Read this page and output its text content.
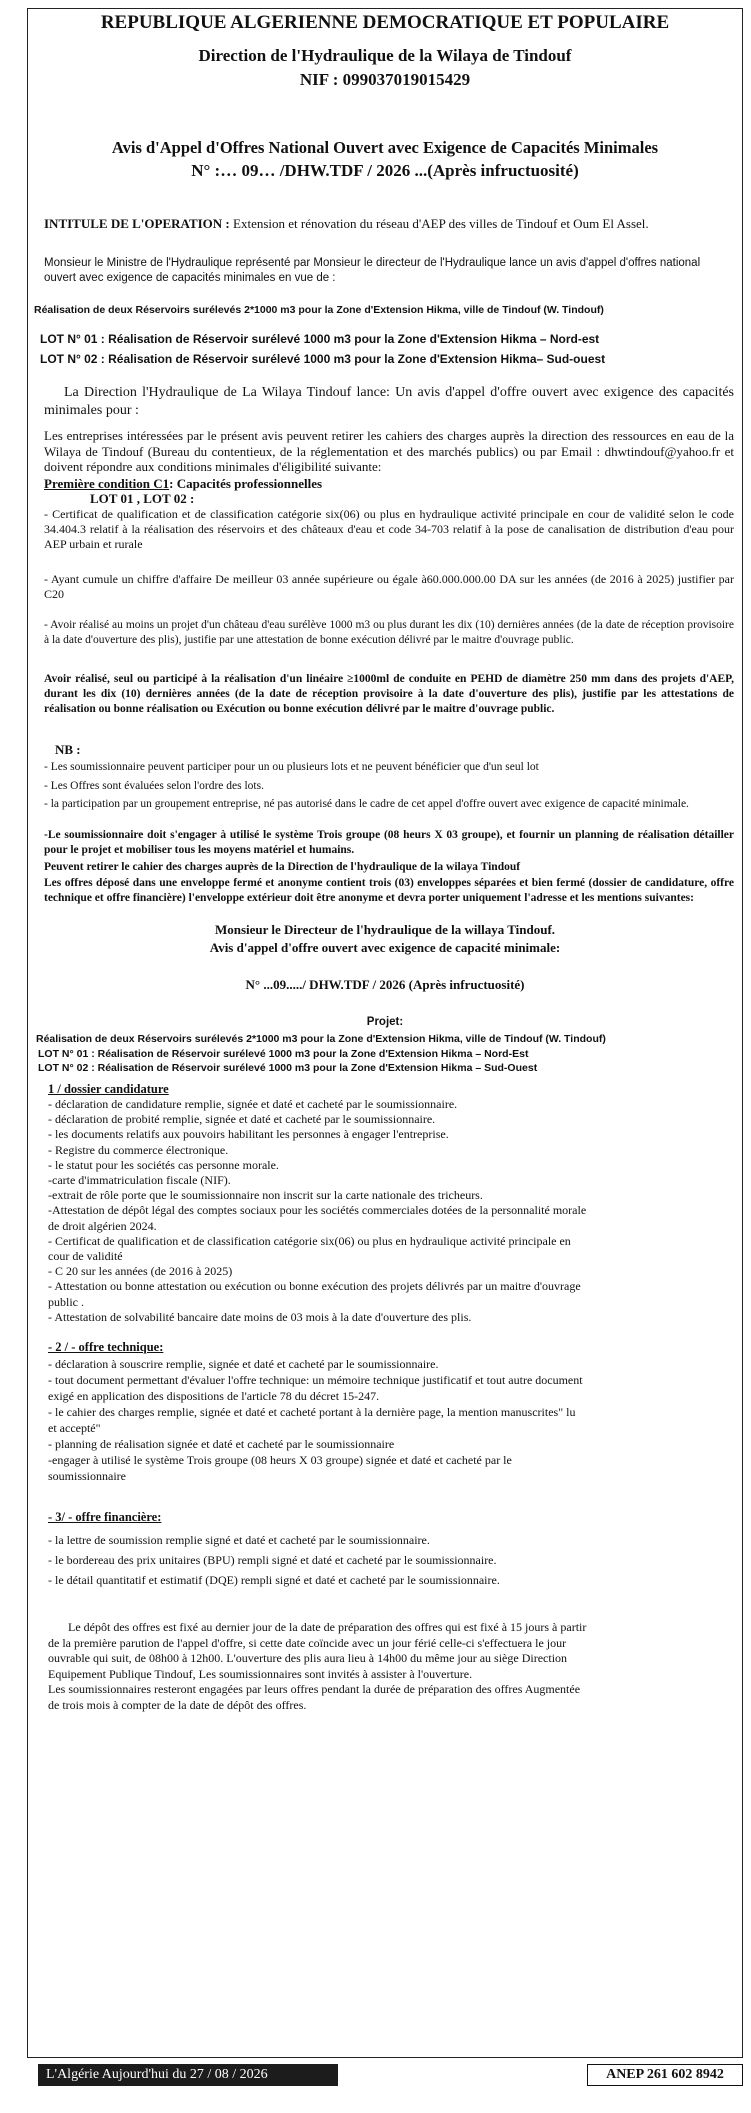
REPUBLIQUE ALGERIENNE DEMOCRATIQUE ET POPULAIRE
Direction de l'Hydraulique de la Wilaya de Tindouf
NIF : 099037019015429
Avis d'Appel d'Offres National Ouvert avec Exigence de Capacités Minimales
N° :… 09… /DHW.TDF / 2026 ...(Après infructuosité)
INTITULE DE L'OPERATION : Extension et rénovation du réseau d'AEP des villes de Tindouf et Oum El Assel.
Monsieur le Ministre de l'Hydraulique représenté par Monsieur le directeur de l'Hydraulique lance un avis d'appel d'offres national ouvert avec exigence de capacités minimales en vue de :
Réalisation de deux Réservoirs surélevés 2*1000 m3 pour la Zone d'Extension Hikma, ville de Tindouf (W. Tindouf)
LOT N° 01 : Réalisation de Réservoir surélevé 1000 m3 pour la Zone d'Extension Hikma – Nord-est
LOT N° 02 : Réalisation de Réservoir surélevé 1000 m3 pour la Zone d'Extension Hikma– Sud-ouest
La Direction l'Hydraulique de La Wilaya Tindouf lance: Un avis d'appel d'offre ouvert avec exigence des capacités minimales pour :
Les entreprises intéressées par le présent avis peuvent retirer les cahiers des charges auprès la direction des ressources en eau de la Wilaya de Tindouf (Bureau du contentieux, de la réglementation et des marchés publics) ou par Email : dhwtindouf@yahoo.fr et doivent répondre aux conditions minimales d'éligibilité suivante:
Première condition C1: Capacités professionnelles
LOT 01 , LOT 02 :
- Certificat de qualification et de classification catégorie six(06) ou plus en hydraulique activité principale en cour de validité selon le code 34.404.3 relatif à la réalisation des réservoirs et des châteaux d'eau et code 34-703 relatif à la pose de canalisation de distribution d'eau pour AEP urbain et rurale
- Ayant cumule un chiffre d'affaire De meilleur 03 année supérieure ou égale à60.000.000.00 DA sur les années (de 2016 à 2025) justifier par C20
- Avoir réalisé au moins un projet d'un château d'eau surélève 1000 m3 ou plus durant les dix (10) dernières années (de la date de réception provisoire à la date d'ouverture des plis), justifie par une attestation de bonne exécution délivré par le maitre d'ouvrage public.
Avoir réalisé, seul ou participé à la réalisation d'un linéaire ≥1000ml de conduite en PEHD de diamètre 250 mm dans des projets d'AEP, durant les dix (10) dernières années (de la date de réception provisoire à la date d'ouverture des plis), justifie par les attestations de réalisation ou bonne réalisation ou Exécution ou bonne exécution délivré par le maitre d'ouvrage public.
NB :
- Les soumissionnaire peuvent participer pour un ou plusieurs lots et ne peuvent bénéficier que d'un seul lot
- Les Offres sont évaluées selon l'ordre des lots.
- la participation par un groupement entreprise, né pas autorisé dans le cadre de cet appel d'offre ouvert avec exigence de capacité minimale.
-Le soumissionnaire doit s'engager à utilisé le système Trois groupe (08 heurs X 03 groupe), et fournir un planning de réalisation détailler pour le projet et mobiliser tous les moyens matériel et humains.
Peuvent retirer le cahier des charges auprès de la Direction de l'hydraulique de la wilaya Tindouf
Les offres déposé dans une enveloppe fermé et anonyme contient trois (03) enveloppes séparées et bien fermé (dossier de candidature, offre technique et offre financière) l'enveloppe extérieur doit être anonyme et devra porter uniquement l'adresse et les mentions suivantes:
Monsieur le Directeur de l'hydraulique de la willaya Tindouf.
Avis d'appel d'offre ouvert avec exigence de capacité minimale:
N° ...09...../ DHW.TDF / 2026 (Après infructuosité)
Projet:
Réalisation de deux Réservoirs surélevés 2*1000 m3 pour la Zone d'Extension Hikma, ville de Tindouf (W. Tindouf)
LOT N° 01 : Réalisation de Réservoir surélevé 1000 m3 pour la Zone d'Extension Hikma – Nord-Est
LOT N° 02 : Réalisation de Réservoir surélevé 1000 m3 pour la Zone d'Extension Hikma – Sud-Ouest
1 / dossier candidature
- déclaration de candidature remplie, signée et daté et cacheté par le soumissionnaire.
- déclaration de probité remplie, signée et daté et cacheté par le soumissionnaire.
- les documents relatifs aux pouvoirs habilitant les personnes à engager l'entreprise.
- Registre du commerce électronique.
- le statut pour les sociétés cas personne morale.
-carte d'immatriculation fiscale (NIF).
-extrait de rôle porte que le soumissionnaire non inscrit sur la carte nationale des tricheurs.
-Attestation de dépôt légal des comptes sociaux pour les sociétés commerciales dotées de la personnalité morale
de droit algérien 2024.
- Certificat de qualification et de classification catégorie six(06) ou plus en hydraulique activité principale en
cour de validité
- C 20 sur les années (de 2016 à 2025)
- Attestation ou bonne attestation ou exécution ou bonne exécution des projets délivrés par un maitre d'ouvrage
public .
- Attestation de solvabilité bancaire date moins de 03 mois à la date d'ouverture des plis.
- 2 / - offre technique:
- déclaration à souscrire remplie, signée et daté et cacheté par le soumissionnaire.
- tout document permettant d'évaluer l'offre technique: un mémoire technique justificatif et tout autre document
exigé en application des dispositions de l'article 78 du décret 15-247.
- le cahier des charges remplie, signée et daté et cacheté portant à la dernière page, la mention manuscrites" lu
et accepté"
- planning de réalisation signée et daté et cacheté par le soumissionnaire
-engager à utilisé le système Trois groupe (08 heurs X 03 groupe) signée et daté et cacheté par le
soumissionnaire
- 3/ - offre financière:
- la lettre de soumission remplie signé et daté et cacheté par le soumissionnaire.
- le bordereau des prix unitaires (BPU) rempli signé et daté et cacheté par le soumissionnaire.
- le détail quantitatif et estimatif (DQE) rempli signé et daté et cacheté par le soumissionnaire.
Le dépôt des offres est fixé au dernier jour de la date de préparation des offres qui est fixé à 15 jours à partir
de la première parution de l'appel d'offre, si cette date coïncide avec un jour férié celle-ci s'effectuera le jour
ouvrable qui suit, de 08h00 à 12h00. L'ouverture des plis aura lieu à 14h00 du même jour au siège Direction
Equipement Publique Tindouf, Les soumissionnaires sont invités à assister à l'ouverture.
Les soumissionnaires resteront engagées par leurs offres pendant la durée de préparation des offres Augmentée
de trois mois à compter de la date de dépôt des offres.
L'Algérie Aujourd'hui du 27 / 08 / 2026	ANEP 261 602 8942
